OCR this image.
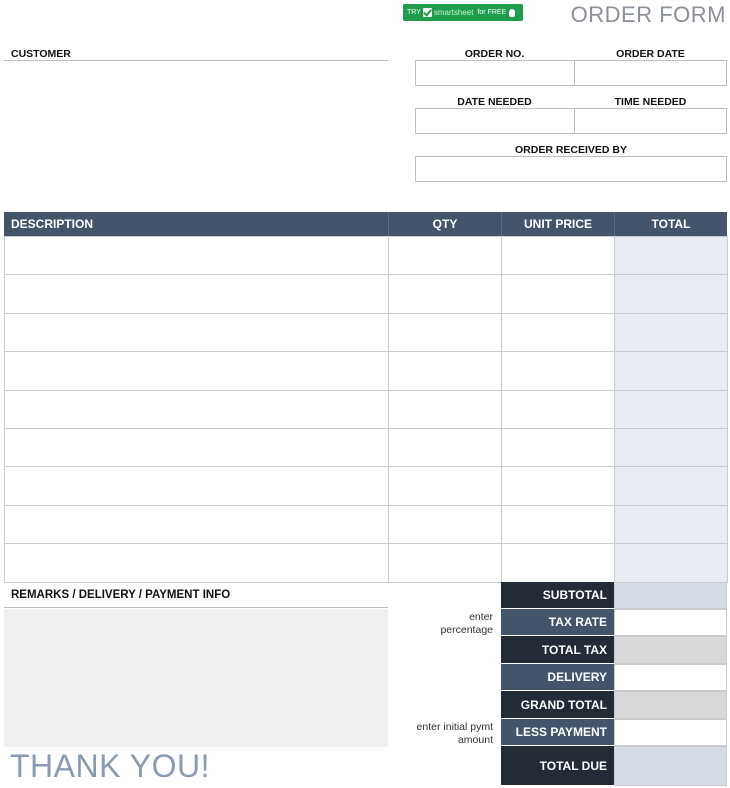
TRY smartsheet for FREE	ORDER FORM
CUSTOMER	ORDER NO.	ORDER DATE
DATE NEEDED	TIME NEEDED
ORDER RECEIVED BY
DESCRIPTION	QTY	UNIT PRICE	TOTAL
REMARKS / DELIVERY / PAYMENT INFO
enter
percentage
enter initial pymt
amount
SUBTOTAL
TAX RATE
TOTAL TAX
DELIVERY
GRAND TOTAL
LESS PAYMENT
TOTAL DUE
THANK YOU!
